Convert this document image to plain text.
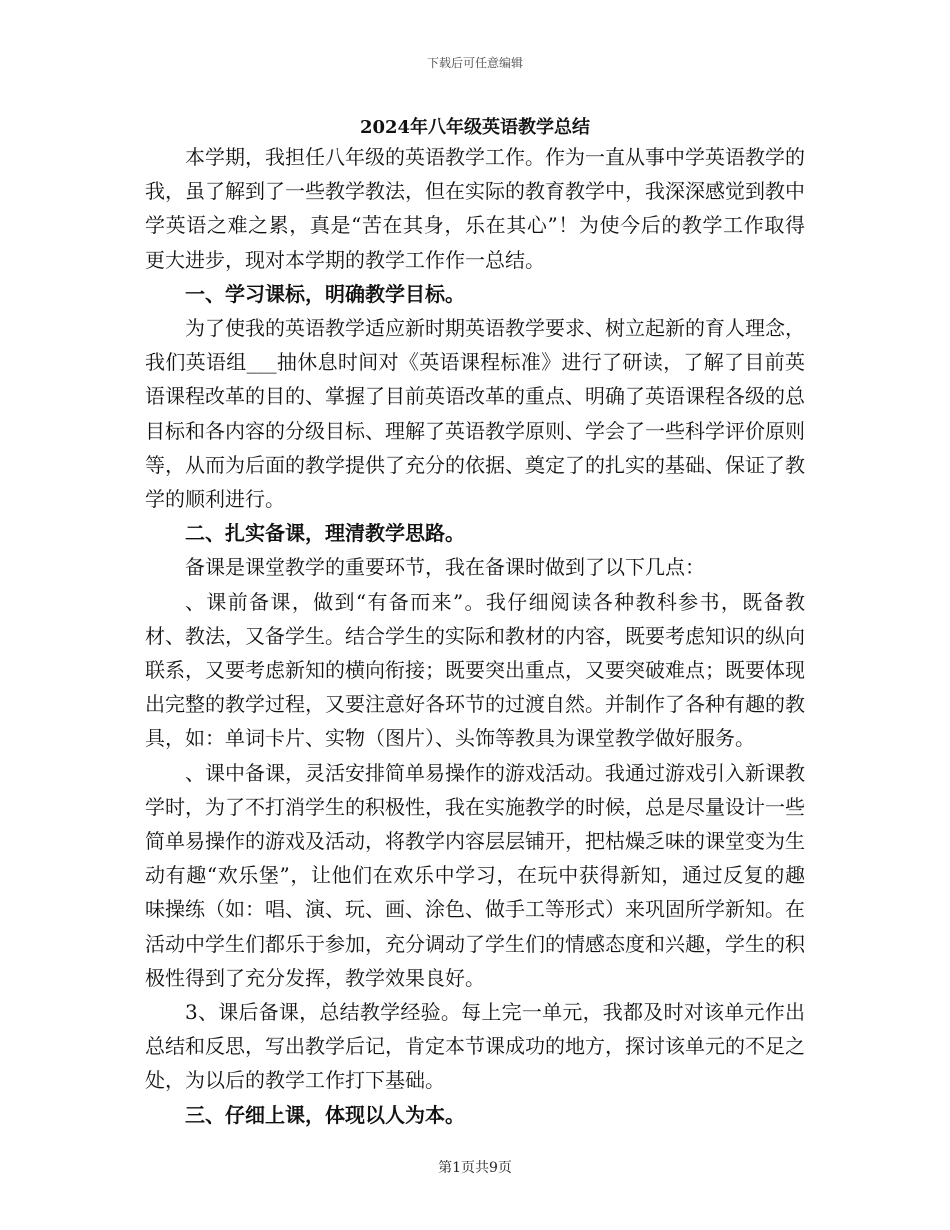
下载后可任意编辑
2024年八年级英语教学总结

本学期，我担任八年级的英语教学工作。作为一直从事中学英语教学的我，虽了解到了一些教学教法，但在实际的教育教学中，我深深感觉到教中学英语之难之累，真是“苦在其身，乐在其心”！为使今后的教学工作取得更大进步，现对本学期的教学工作作一总结。

一、学习课标，明确教学目标。

为了使我的英语教学适应新时期英语教学要求、树立起新的育人理念，我们英语组___抽休息时间对《英语课程标准》进行了研读，了解了目前英语课程改革的目的、掌握了目前英语改革的重点、明确了英语课程各级的总目标和各内容的分级目标、理解了英语教学原则、学会了一些科学评价原则等，从而为后面的教学提供了充分的依据、奠定了的扎实的基础、保证了教学的顺利进行。

二、扎实备课，理清教学思路。

备课是课堂教学的重要环节，我在备课时做到了以下几点：

、课前备课，做到“有备而来”。我仔细阅读各种教科参书，既备教材、教法，又备学生。结合学生的实际和教材的内容，既要考虑知识的纵向联系，又要考虑新知的横向衔接；既要突出重点，又要突破难点；既要体现出完整的教学过程，又要注意好各环节的过渡自然。并制作了各种有趣的教具，如：单词卡片、实物（图片）、头饰等教具为课堂教学做好服务。

、课中备课，灵活安排简单易操作的游戏活动。我通过游戏引入新课教学时，为了不打消学生的积极性，我在实施教学的时候，总是尽量设计一些简单易操作的游戏及活动，将教学内容层层铺开，把枯燥乏味的课堂变为生动有趣“欢乐堡”，让他们在欢乐中学习，在玩中获得新知，通过反复的趣味操练（如：唱、演、玩、画、涂色、做手工等形式）来巩固所学新知。在活动中学生们都乐于参加，充分调动了学生们的情感态度和兴趣，学生的积极性得到了充分发挥，教学效果良好。

3、课后备课，总结教学经验。每上完一单元，我都及时对该单元作出总结和反思，写出教学后记，肯定本节课成功的地方，探讨该单元的不足之处，为以后的教学工作打下基础。

三、仔细上课，体现以人为本。
第1页共9页
